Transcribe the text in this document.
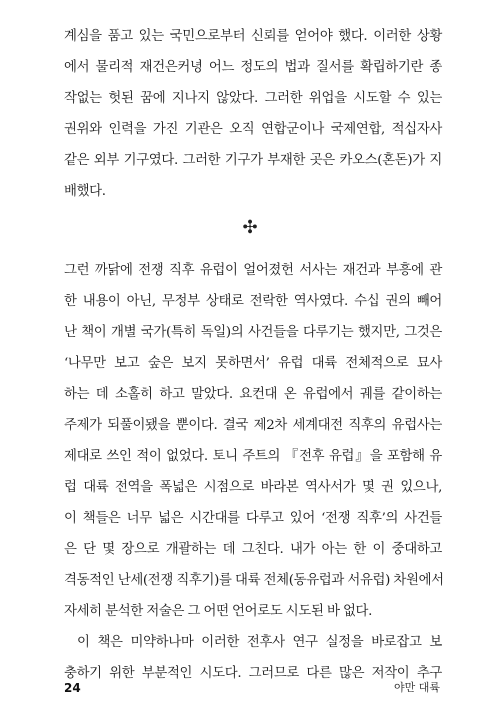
계심을 품고 있는 국민으로부터 신뢰를 얻어야 했다. 이러한 상황
에서 물리적 재건은커녕 어느 정도의 법과 질서를 확립하기란 종
작없는 헛된 꿈에 지나지 않았다. 그러한 위업을 시도할 수 있는
권위와 인력을 가진 기관은 오직 연합군이나 국제연합, 적십자사
같은 외부 기구였다. 그러한 기구가 부재한 곳은 카오스(혼돈)가 지
배했다.
✣
그런 까닭에 전쟁 직후 유럽이 얼어졌헌 서사는 재건과 부흥에 관
한 내용이 아닌, 무정부 상태로 전락한 역사였다. 수십 권의 빼어
난 책이 개별 국가(특히 독일)의 사건들을 다루기는 했지만, 그것은
‘나무만 보고 숲은 보지 못하면서’ 유럽 대륙 전체적으로 묘사
하는 데 소홀히 하고 말았다. 요컨대 온 유럽에서 궤를 같이하는
주제가 되풀이됐을 뿐이다. 결국 제2차 세계대전 직후의 유럽사는
제대로 쓰인 적이 없었다. 토니 주트의 『전후 유럽』을 포함해 유
럽 대륙 전역을 폭넓은 시점으로 바라본 역사서가 몇 권 있으나,
이 책들은 너무 넓은 시간대를 다루고 있어 ‘전쟁 직후’의 사건들
은 단 몇 장으로 개괄하는 데 그친다. 내가 아는 한 이 중대하고
격동적인 난세(전쟁 직후기)를 대륙 전체(동유럽과 서유럽) 차원에서
자세히 분석한 저술은 그 어떤 언어로도 시도된 바 없다.
이 책은 미약하나마 이러한 전후사 연구 실정을 바로잡고 보
충하기 위한 부분적인 시도다. 그러므로 다른 많은 저작이 추구
24	야만 대륙
